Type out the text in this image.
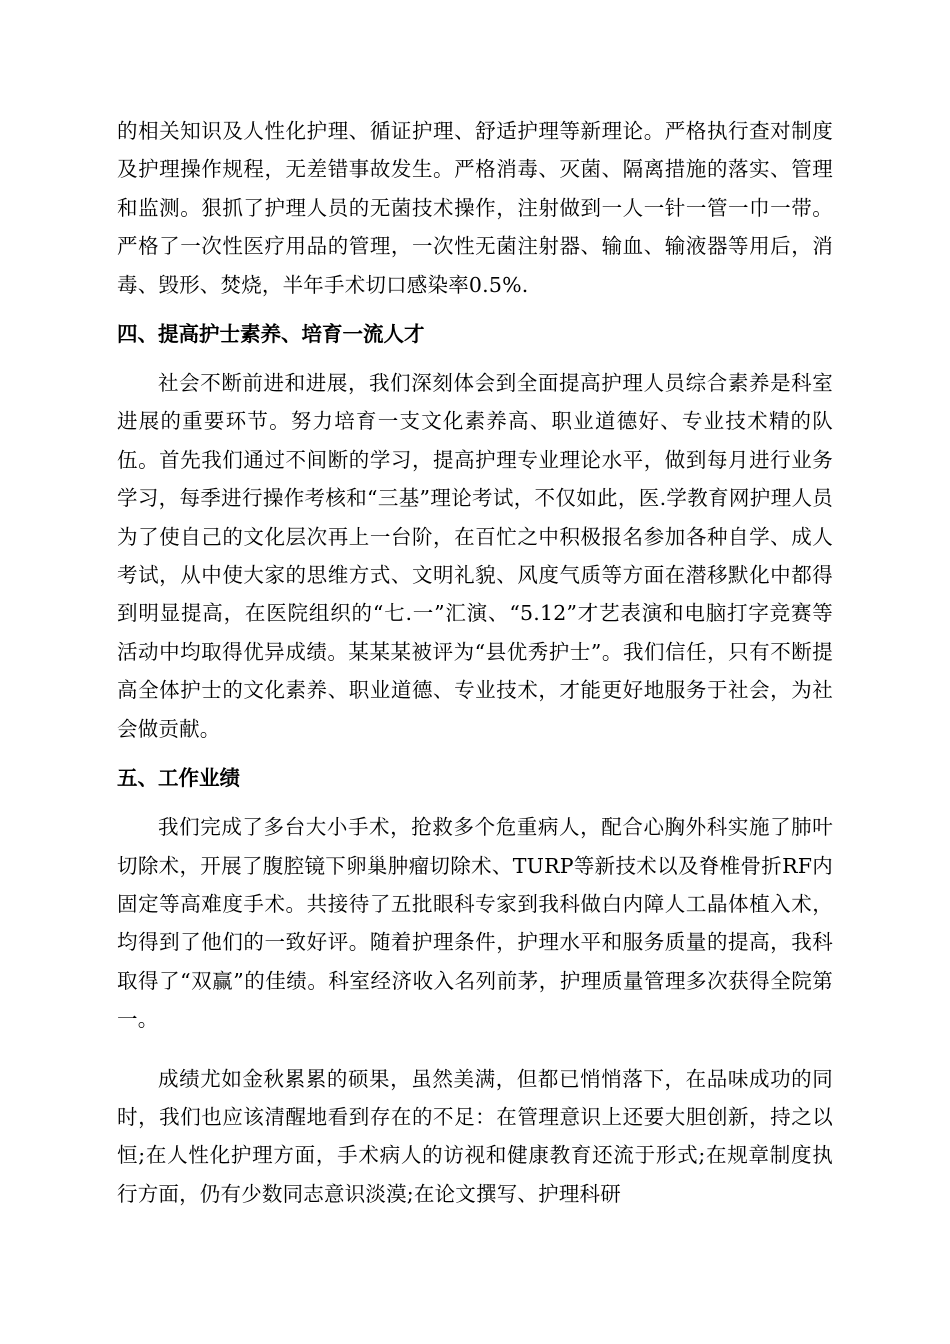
的相关知识及人性化护理、循证护理、舒适护理等新理论。严格执行查对制度及护理操作规程，无差错事故发生。严格消毒、灭菌、隔离措施的落实、管理和监测。狠抓了护理人员的无菌技术操作，注射做到一人一针一管一巾一带。严格了一次性医疗用品的管理，一次性无菌注射器、输血、输液器等用后，消毒、毁形、焚烧，半年手术切口感染率0.5%.

四、提高护士素养、培育一流人才

社会不断前进和进展，我们深刻体会到全面提高护理人员综合素养是科室进展的重要环节。努力培育一支文化素养高、职业道德好、专业技术精的队伍。首先我们通过不间断的学习，提高护理专业理论水平，做到每月进行业务学习，每季进行操作考核和“三基”理论考试，不仅如此，医.学教育网护理人员为了使自己的文化层次再上一台阶，在百忙之中积极报名参加各种自学、成人考试，从中使大家的思维方式、文明礼貌、风度气质等方面在潜移默化中都得到明显提高，在医院组织的“七.一”汇演、“5.12”才艺表演和电脑打字竞赛等活动中均取得优异成绩。某某某被评为“县优秀护士”。我们信任，只有不断提高全体护士的文化素养、职业道德、专业技术，才能更好地服务于社会，为社会做贡献。

五、工作业绩

我们完成了多台大小手术，抢救多个危重病人，配合心胸外科实施了肺叶切除术，开展了腹腔镜下卵巢肿瘤切除术、TURP等新技术以及脊椎骨折RF内固定等高难度手术。共接待了五批眼科专家到我科做白内障人工晶体植入术，均得到了他们的一致好评。随着护理条件，护理水平和服务质量的提高，我科取得了“双赢”的佳绩。科室经济收入名列前茅，护理质量管理多次获得全院第一。

成绩尤如金秋累累的硕果，虽然美满，但都已悄悄落下，在品味成功的同时，我们也应该清醒地看到存在的不足：在管理意识上还要大胆创新，持之以恒;在人性化护理方面，手术病人的访视和健康教育还流于形式;在规章制度执行方面，仍有少数同志意识淡漠;在论文撰写、护理科研
